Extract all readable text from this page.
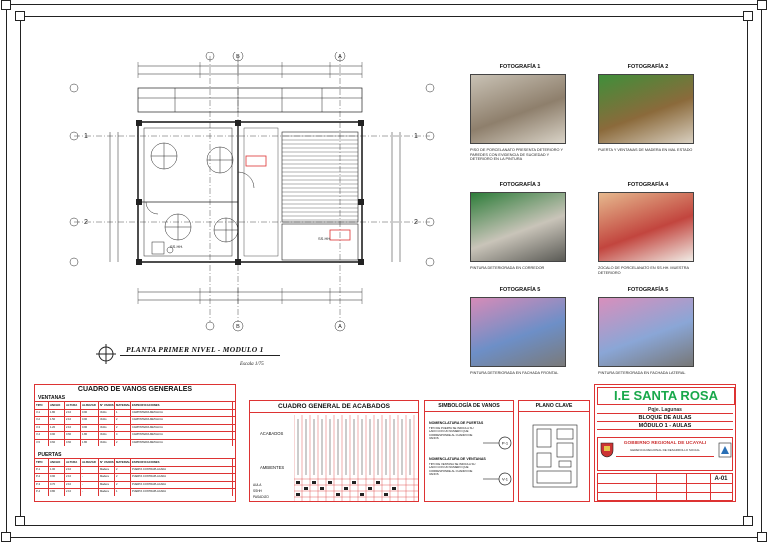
SS.HH.
SS.HH.
B	A
B	A
1
2
1
2
PLANTA PRIMER NIVEL - MODULO 1
Escala 1/75
FOTOGRAFÍA 1
PISO DE PORCELANATO PRESENTA DETERIORO Y PAREDES CON EVIDENCIA DE SUCIEDAD Y DETERIORO EN LA PINTURA
FOTOGRAFÍA 2
PUERTA Y VENTANAS DE MADERA EN MAL ESTADO
FOTOGRAFÍA 3
PINTURA DETERIORADA EN CORREDOR
FOTOGRAFÍA 4
ZOCALO DE PORCELANATO EN SS.HH. MUESTRA DETERIORO
FOTOGRAFÍA 5
PINTURA DETERIORADA EN FACHADA FRONTAL
FOTOGRAFÍA 5
PINTURA DETERIORADA EN FACHADA LATERAL
CUADRO DE VANOS GENERALES
VENTANAS
TIPO	ANCHO	ALTURA	ALFEIZAR	N° VANOS MATERIAL ESPECIFICACIONES
V-1	1.80	2.10	0.90	Vidrio	1	CARPINTERIA METALICA
V-2	1.50	2.10	0.90	Vidrio	2	CARPINTERIA METALICA
V-3	1.20	2.10	0.90	Vidrio	2	CARPINTERIA METALICA
V-4	0.90	0.60	1.80	Vidrio	4	CARPINTERIA METALICA
V-5	0.60	0.60	1.80	Vidrio	2	CARPINTERIA METALICA
PUERTAS
TIPO	ANCHO	ALTURA	ALFEIZAR	N° VANOS MATERIAL ESPECIFICACIONES
P-1	1.00	2.10	-	Madera	2	PUERTA CONTRAPLACADA
P-2	0.90	2.10	-	Madera	2	PUERTA CONTRAPLACADA
P-3	0.70	2.10	-	Madera	2	PUERTA CONTRAPLACADA
P-4	0.80	2.10	-	Madera	1	PUERTA CONTRAPLACADA
CUADRO GENERAL DE ACABADOS
ACABADOS
AMBIENTES
AULA
SSHH
PASADIZO
SIMBOLOGÍA DE VANOS
NOMENCLATURA DE PUERTAS
TIPO DE PUERTA SE INDICA A SU LADO CON UN NUMERO QUE CORRESPONDE AL CUADRO DE VANOS
NOMENCLATURA DE VENTANAS
TIPO DE VENTANA SE INDICA A SU LADO CON UN NUMERO QUE CORRESPONDE AL CUADRO DE VANOS
P-1
V-1
PLANO CLAVE
I.E SANTA ROSA
Pqje. Lagunas
BLOQUE DE AULAS
MÓDULO 1 - AULAS
GOBIERNO REGIONAL DE UCAYALI
GERENCIA REGIONAL DE DESARROLLO SOCIAL
A-01
